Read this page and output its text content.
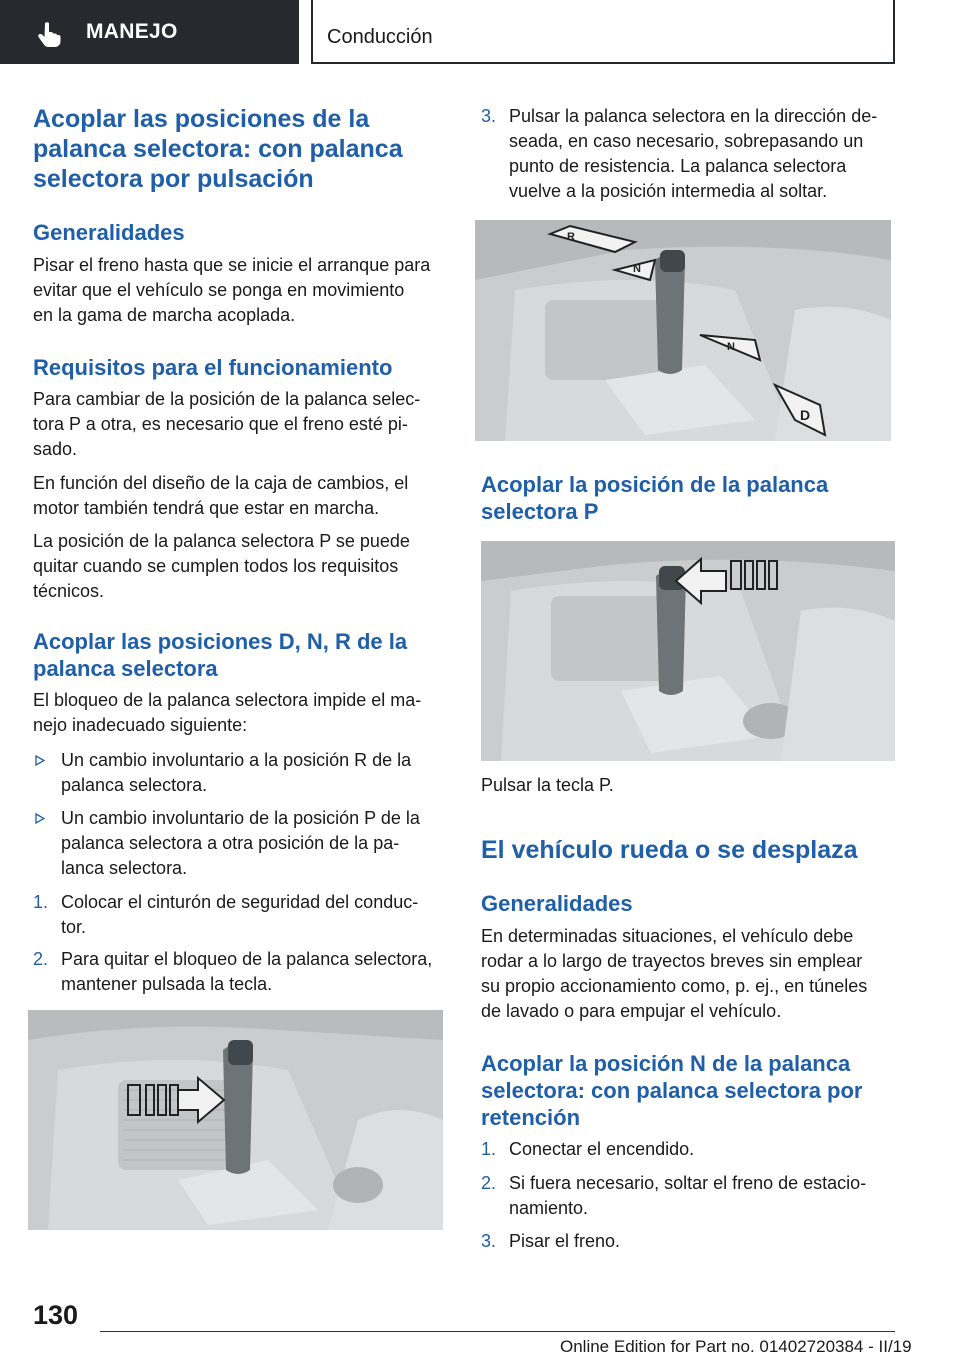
MANEJO	Conducción
Acoplar las posiciones de la
palanca selectora: con palanca
selectora por pulsación
Generalidades
Pisar el freno hasta que se inicie el arranque para
evitar que el vehículo se ponga en movimiento
en la gama de marcha acoplada.
Requisitos para el funcionamiento
Para cambiar de la posición de la palanca selec‐
tora P a otra, es necesario que el freno esté pi‐
sado.
En función del diseño de la caja de cambios, el
motor también tendrá que estar en marcha.
La posición de la palanca selectora P se puede
quitar cuando se cumplen todos los requisitos
técnicos.
Acoplar las posiciones D, N, R de la
palanca selectora
El bloqueo de la palanca selectora impide el ma‐
nejo inadecuado siguiente:
Un cambio involuntario a la posición R de la
palanca selectora.
Un cambio involuntario de la posición P de la
palanca selectora a otra posición de la pa‐
lanca selectora.
1. Colocar el cinturón de seguridad del conduc‐
tor.
2. Para quitar el bloqueo de la palanca selectora,
mantener pulsada la tecla.
3. Pulsar la palanca selectora en la dirección de‐
seada, en caso necesario, sobrepasando un
punto de resistencia. La palanca selectora
vuelve a la posición intermedia al soltar.
Acoplar la posición de la palanca
selectora P
Pulsar la tecla P.
El vehículo rueda o se desplaza
Generalidades
En determinadas situaciones, el vehículo debe
rodar a lo largo de trayectos breves sin emplear
su propio accionamiento como, p. ej., en túneles
de lavado o para empujar el vehículo.
Acoplar la posición N de la palanca
selectora: con palanca selectora por
retención
1. Conectar el encendido.
2. Si fuera necesario, soltar el freno de estacio‐
namiento.
3. Pisar el freno.
R
N
N
D
130
Online Edition for Part no. 01402720384 - II/19
